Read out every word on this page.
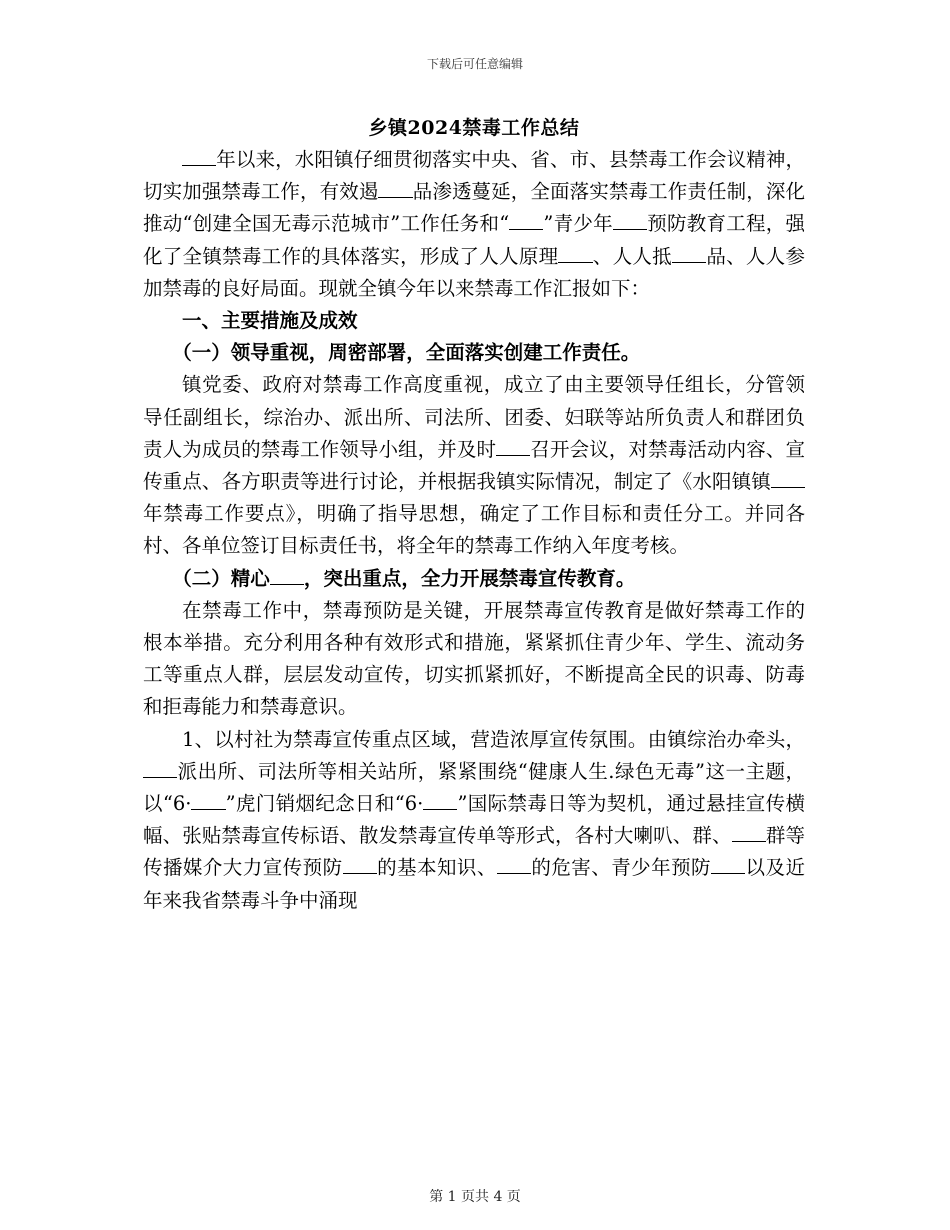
下载后可任意编辑
乡镇2024禁毒工作总结

年以来，水阳镇仔细贯彻落实中央、省、市、县禁毒工作会议精神，切实加强禁毒工作，有效遏 品渗透蔓延，全面落实禁毒工作责任制，深化推动“创建全国无毒示范城市”工作任务和“ ”青少年 预防教育工程，强化了全镇禁毒工作的具体落实，形成了人人原理 、人人抵 品、人人参加禁毒的良好局面。现就全镇今年以来禁毒工作汇报如下：

一、主要措施及成效

（一）领导重视，周密部署，全面落实创建工作责任。

镇党委、政府对禁毒工作高度重视，成立了由主要领导任组长，分管领导任副组长，综治办、派出所、司法所、团委、妇联等站所负责人和群团负责人为成员的禁毒工作领导小组，并及时 召开会议，对禁毒活动内容、宣传重点、各方职责等进行讨论，并根据我镇实际情况，制定了《水阳镇镇年禁毒工作要点》，明确了指导思想，确定了工作目标和责任分工。并同各村、各单位签订目标责任书，将全年的禁毒工作纳入年度考核。

（二）精心 ，突出重点，全力开展禁毒宣传教育。

在禁毒工作中，禁毒预防是关键，开展禁毒宣传教育是做好禁毒工作的根本举措。充分利用各种有效形式和措施，紧紧抓住青少年、学生、流动务工等重点人群，层层发动宣传，切实抓紧抓好，不断提高全民的识毒、防毒和拒毒能力和禁毒意识。

1、以村社为禁毒宣传重点区域，营造浓厚宣传氛围。由镇综治办牵头，派出所、司法所等相关站所，紧紧围绕“健康人生.绿色无毒”这一主题，以“6· ”虎门销烟纪念日和“6· ”国际禁毒日等为契机，通过悬挂宣传横幅、张贴禁毒宣传标语、散发禁毒宣传单等形式，各村大喇叭、群、 群等传播媒介大力宣传预防 的基本知识、 的危害、青少年预防 以及近年来我省禁毒斗争中涌现

第 1 页共 4 页
